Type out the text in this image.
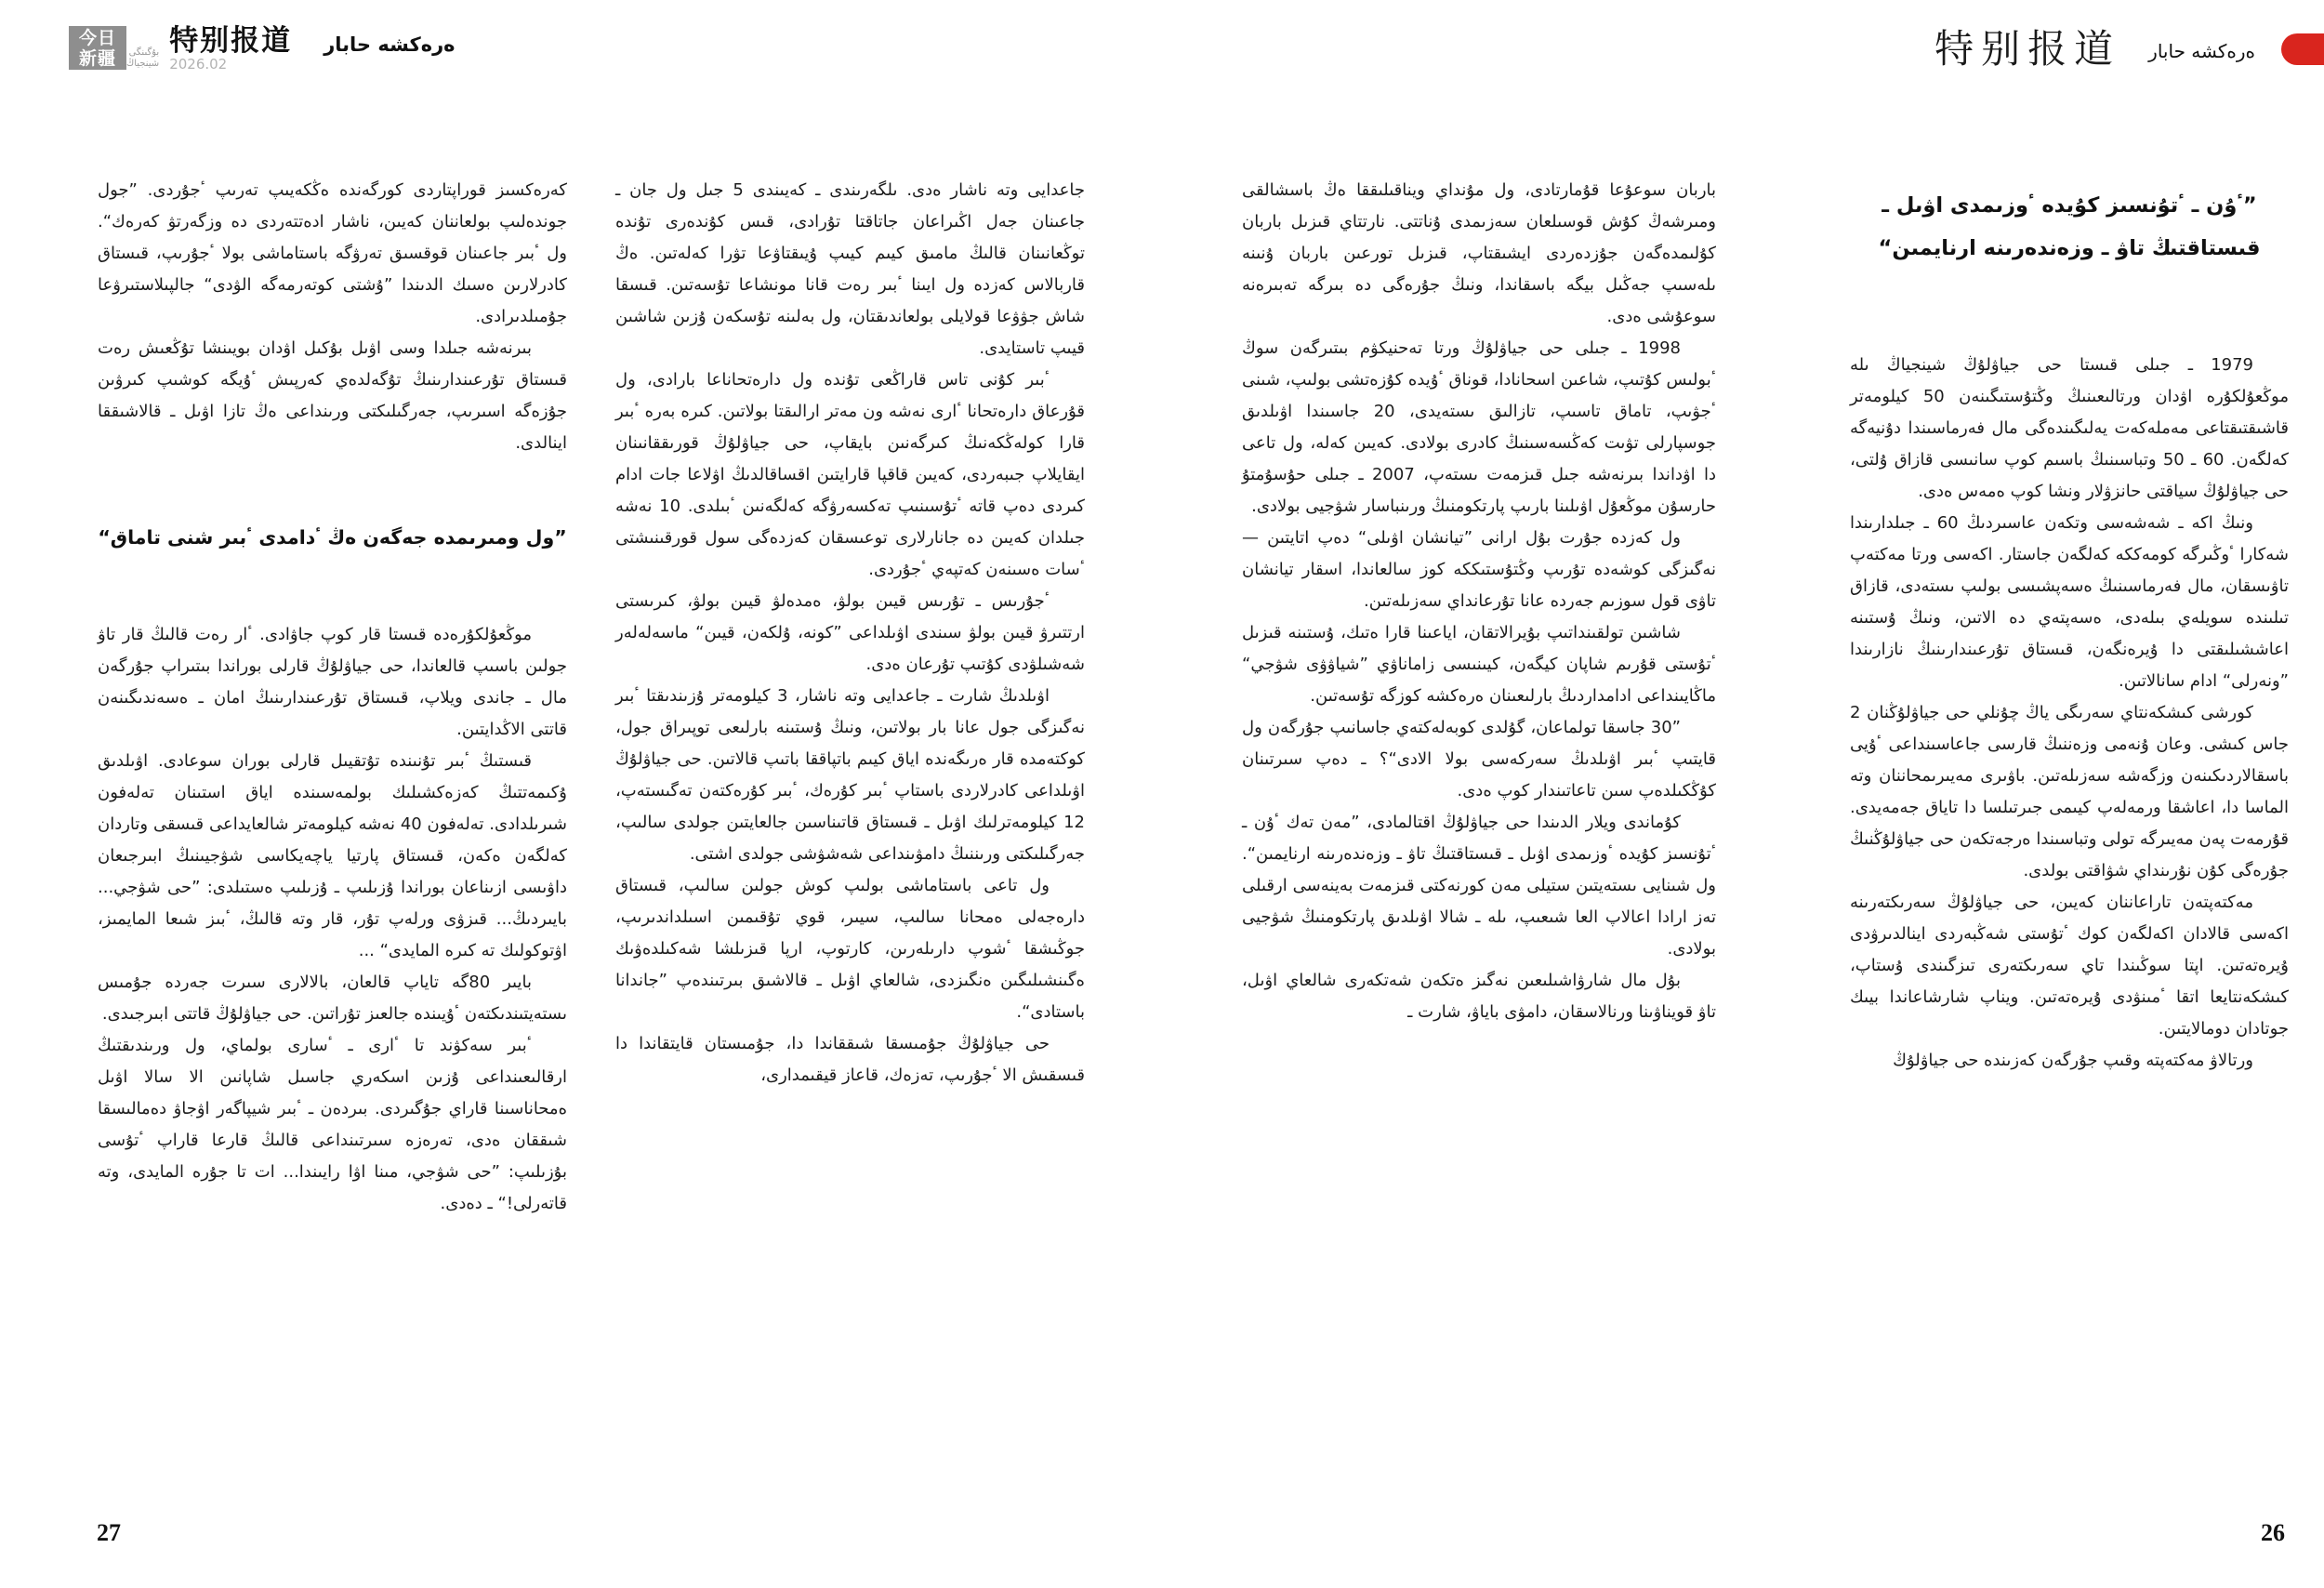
今日
新疆 بۇگىنگى
شينجياڭ
特别报道
2026.02
ەرەكشە حابار	特别报道 ەرەكشە حابار
”ٴۇن ـ ٴتۇنسىز كۇيدە ٴوزىمدى اۋىل ـ قىستاقتىڭ تاۋ ـ وزەندەرىنە ارنايمىن“

1979 ـ جىلى قىستا حى جياۋلۇڭ شينجياڭ ىلە موڭعۇلكۇرە اۋدان ورتالىعىنىڭ وڭتۇستىگىنەن 50 كيلومەتر قاشىقتىقتاعى مەملەكەت يەلىگىندەگى مال فەرماسىندا دۇنيەگە كەلگەن. 60 ـ 50 وتباسىنىڭ باسىم كوپ سانىسى قازاق ۇلتى، حى جياۋلۇڭ سياقتى حانزۋلار ونشا كوپ ەمەس ەدى.

ونىڭ اكە ـ شەشەسى وتكەن عاسىردىڭ 60 ـ جىلدارىندا شەكارا ٴوڭىرگە كومەككە كەلگەن جاستار. اكەسى ورتا مەكتەپ تاۋىسقان، مال فەرماسىنىڭ ەسەپشىسى بولىپ ىستەدى، قازاق تىلىندە سويلەي بىلەدى، ەسەپتەي دە الاتىن، ونىڭ ۇستىنە اعاششىلىقتى دا ۇيرەنگەن، قىستاق تۇرعىندارىنىڭ نازارىندا ”ونەرلى“ ادام سانالاتىن.

كورشى كىشكەنتاي سەرىگى ياڭ چۇنلي حى جياۋلۇڭنان 2 جاس كىشى. وعان ۇنەمى وزەننىڭ قارسى جاعاسىنداعى ٴۇيى باسقالاردىكىنەن وزگەشە سەزىلەتىن. باۋىرى مەيىرىمحاننان وتە الماسا دا، اعاشقا ورمەلەپ كيىمى جىرتىلسا دا تاياق جەمەيدى. قۇرمەت پەن مەيىرگە تولى وتباسىندا ەرجەتكەن حى جياۋلۇڭنىڭ جۇرەگى كۇن نۇرىنداي شۋاقتى بولدى.

مەكتەپتەن تاراعاننان كەيىن، حى جياۋلۇڭ سەرىكتەرىنە اكەسى قالادان اكەلگەن كوك ٴتۇستى شەڭبەردى اينالدىرۋدى ۇيرەتەتىن. اپتا سوڭىندا تاي سەرىكتەرى تىزگىندى ۇستاپ، كىشكەنتايعا اتقا ٴمىنۋدى ۇيرەتەتىن. ويناپ شارشاعاندا بيىك جوتادان دومالايتىن.

ورتالاۋ مەكتەپتە وقىپ جۇرگەن كەزىندە حى جياۋلۇڭ

باربان سوعۇعا قۇمارتادى، ول مۇنداي ويناقىلىققا ەڭ باسشالقى ومىرشەڭ كۇش قوسىلعان سەزىمدى ۇناتتى. نارتتاي قىزىل باربان كۇلىمدەگەن جۇزدەردى ايشىقتاپ، قىزىل تورعىن باربان ۇنىنە ىلەسىپ جەڭىل بيگە باسقاندا، ونىڭ جۇرەگى دە بىرگە تەبىرەنە سوعۇشى ەدى.

1998 ـ جىلى حى جياۋلۇڭ ورتا تەحنيكۋم بىتىرگەن سوڭ ٴبولىس كۇتىپ، شاعىن اسحانادا، قوناق ٴۇيدە كۇزەتشى بولىپ، شىنى ٴجۋىپ، تاماق تاسىپ، تازالىق ىستەيدى، 20 جاسىندا اۋىلدىق جوسپارلى تۋىت كەڭسەسىنىڭ كادرى بولادى. كەيىن كەلە، ول تاعى دا اۋداندا بىرنەشە جىل قىزمەت ىستەپ، 2007 ـ جىلى حۇسۇمتۇ حارسۇن موڭعۇل اۋىلىنا بارىپ پارتكومنىڭ ورىنباسار شۋجيى بولادى.

ول كەزدە جۇرت بۇل ارانى ”تيانشان اۋىلى“ دەپ اتايتىن — نەگىزگى كوشەدە تۇرىپ وڭتۇستىككە كوز سالعاندا، اسقار تيانشان تاۋى قول سوزىم جەردە عانا تۇرعانداي سەزىلەتىن.

شاشىن تولقىنداتىپ بۇيرالاتقان، اياعىنا قارا ەتىك، ۇستىنە قىزىل ٴتۇستى قۇرىم شاپان كيگەن، كيىنىسى زاماناۋي ”شياۋۋى شۋجي“ ماڭايىنداعى ادامداردىڭ بارلىعىنان ەرەكشە كوزگە تۇسەتىن.

”30 جاسقا تولماعان، گۇلدى كوبەلەكتەي جاسانىپ جۇرگەن ول قايتىپ ٴبىر اۋىلدىڭ سەركەسى بولا الادى“؟ ـ دەپ سىرتىنان كۇڭكىلدەپ سىن تاعاتىندار كوپ ەدى.

كۇماندى ويلار الدىندا حى جياۋلۇڭ اقتالمادى، ”مەن تەك ٴۇن ـ ٴتۇنسىز كۇيدە ٴوزىمدى اۋىل ـ قىستاقتىڭ تاۋ ـ وزەندەرىنە ارنايمىن“. ول شىنايى ىستەيتىن ستيلى مەن كورنەكتى قىزمەت بەينەسى ارقىلى تەز ارادا اعالاپ العا شىعىپ، ىلە ـ شالا اۋىلدىق پارتكومنىڭ شۋجيى بولادى.

بۇل مال شارۋاشىلىعىن نەگىز ەتكەن شەتكەرى شالعاي اۋىل، تاۋ قويناۋىنا ورنالاسقان، دامۋى باياۋ، شارت ـ

جاعدايى وتە ناشار ەدى. ىلگەرىندى ـ كەيىندى 5 جىل ول جان ـ جاعىنان جەل اڭىراعان جاتاقتا تۇرادى، قىس كۇندەرى تۇندە توڭعانىنان قالىڭ مامىق كيىم كيىپ ۇيىقتاۋعا تۋرا كەلەتىن. ەڭ قاربالاس كەزدە ول ايىنا ٴبىر رەت قانا مونشاعا تۇسەتىن. قىسقا شاش جۋۋعا قولايلى بولعاندىقتان، ول بەلىنە تۇسكەن ۇزىن شاشىن قيىپ تاستايدى.

ٴبىر كۇنى تاس قاراڭعى تۇندە ول دارەتحاناعا بارادى، ول قۇرعاق دارەتحانا ٴارى نەشە ون مەتر ارالىقتا بولاتىن. كىرە بەرە ٴبىر قارا كولەڭكەنىڭ كىرگەنىن بايقاپ، حى جياۋلۇڭ قورىققانىنان ايقايلاپ جىبەردى، كەيىن قاقپا قارايتىن اقساقالدىڭ اۋلاعا جات ادام كىردى دەپ قاتە ٴتۇسىنىپ تەكسەرۋگە كەلگەنىن ٴبىلدى. 10 نەشە جىلدان كەيىن دە جانارلارى توعىسقان كەزدەگى سول قورقىنىشتى ٴسات ەسىنەن كەتپەي ٴجۇردى.

ٴجۇرىس ـ تۇرىس قيىن بولۋ، ەمدەلۋ قيىن بولۋ، كىرىستى ارتتىرۋ قيىن بولۋ سىندى اۋىلداعى ”كونە، ۇلكەن، قيىن“ ماسەلەلەر شەشىلۋدى كۇتىپ تۇرعان ەدى.

اۋىلدىڭ شارت ـ جاعدايى وتە ناشار، 3 كيلومەتر ۇزىندىقتا ٴبىر نەگىزگى جول عانا بار بولاتىن، ونىڭ ۇستىنە بارلىعى توپىراق جول، كوكتەمدە قار ەرىگەندە اياق كيىم باتپاققا باتىپ قالاتىن. حى جياۋلۇڭ اۋىلداعى كادرلاردى باستاپ ٴبىر كۇرەك، ٴبىر كۇرەكتەن تەگىستەپ، 12 كيلومەترلىك اۋىل ـ قىستاق قاتىناسىن جالعايتىن جولدى سالىپ، جەرگىلىكتى ورىننىڭ دامۋىنداعى شەشۋشى جولدى اشتى.

ول تاعى باستاماشى بولىپ كوش جولىن سالىپ، قىستاق دارەجەلى ەمحانا سالىپ، سيىر، قوي تۇقىمىن اسىلداندىرىپ، جوڭىشقا ٴشوپ دارىلەرىن، كارتوپ، ارپا قىزىلشا شەكىلدەۋىك ەگىنشىلىگىن ەنگىزدى، شالعاي اۋىل ـ قالاشىق بىرتىندەپ ”جاندانا باستادى“.

حى جياۋلۇڭ جۇمىسقا شىققاندا دا، جۇمىستان قايتقاندا دا قىسقىش الا ٴجۇرىپ، تەزەك، قاعاز قيقىمدارى،

كەرەكسىز قوراپتاردى كورگەندە ەڭكەيىپ تەرىپ ٴجۇردى. ”جول جوندەلىپ بولعاننان كەيىن، ناشار ادەتتەردى دە وزگەرتۋ كەرەك“. ول ٴبىر جاعىنان قوقسىق تەرۋگە باستاماشى بولا ٴجۇرىپ، قىستاق كادرلارىن ەسىك الدىندا ”ۇشتى كوتەرمەگە الۋدى“ جالپىلاستىرۋعا جۇمىلدىرادى.

بىرنەشە جىلدا وسى اۋىل بۇكىل اۋدان بويىنشا تۇڭعىش رەت قىستاق تۇرعىندارىنىڭ تۇگەلدەي كەرپىش ٴۇيگە كوشىپ كىرۋىن جۇزەگە اسىرىپ، جەرگىلىكتى ورىنداعى ەڭ تازا اۋىل ـ قالاشىققا اينالدى.

”ول ومىرىمدە جەگەن ەڭ ٴدامدى ٴبىر شنى تاماق“

موڭعۇلكۇرەدە قىستا قار كوپ جاۋادى. ٴار رەت قالىڭ قار تاۋ جولىن باسىپ قالعاندا، حى جياۋلۇڭ قارلى بوراندا بىتىراپ جۇرگەن مال ـ جاندى ويلاپ، قىستاق تۇرعىندارىنىڭ امان ـ ەسەندىگىنەن قاتتى الاڭدايتىن.

قىستىڭ ٴبىر تۇنىندە تۇتقيىل قارلى بوران سوعادى. اۋىلدىق ۇكىمەتتىڭ كەزەكشىلىك بولمەسىندە اياق استىنان تەلەفون شىرىلدادى. تەلەفون 40 نەشە كيلومەتر شالعايداعى قىسقى وتاردان كەلگەن ەكەن، قىستاق پارتيا ياچەيكاسى شۋجيىنىڭ ابىرجىعان داۋىسى ازىناعان بوراندا ۇزىلىپ ـ ۇزىلىپ ەستىلدى: ”حى شۋجي... بايىردىڭ... قىزۋى ورلەپ تۇر، قار وتە قالىڭ، ٴبىز شىعا المايمىز، اۋتوكولىك تە كىرە المايدى“ ...

بايىر 80گە تاياپ قالعان، بالالارى سىرت جەردە جۇمىس ىستەيتىندىكتەن ٴۇيىندە جالعىز تۇراتىن. حى جياۋلۇڭ قاتتى ابىرجىدى.

ٴبىر سەكۋند تا ٴارى ـ ٴسارى بولماي، ول ورىندىقتىڭ ارقالىعىنداعى ۇزىن اسكەري جاسىل شاپانىن الا سالا اۋىل ەمحاناسىنا قاراي جۇگىردى. بىردەن ـ ٴبىر شيپاگەر اۋجاۋ دەمالىسقا شىققان ەدى، تەرەزە سىرتىنداعى قالىڭ قارعا قاراپ ٴتۇسى بۇزىلىپ: ”حى شۋجي، مىنا اۋا رايىندا... ات تا جۇرە المايدى، وتە قاتەرلى!“ ـ دەدى.

27	26
